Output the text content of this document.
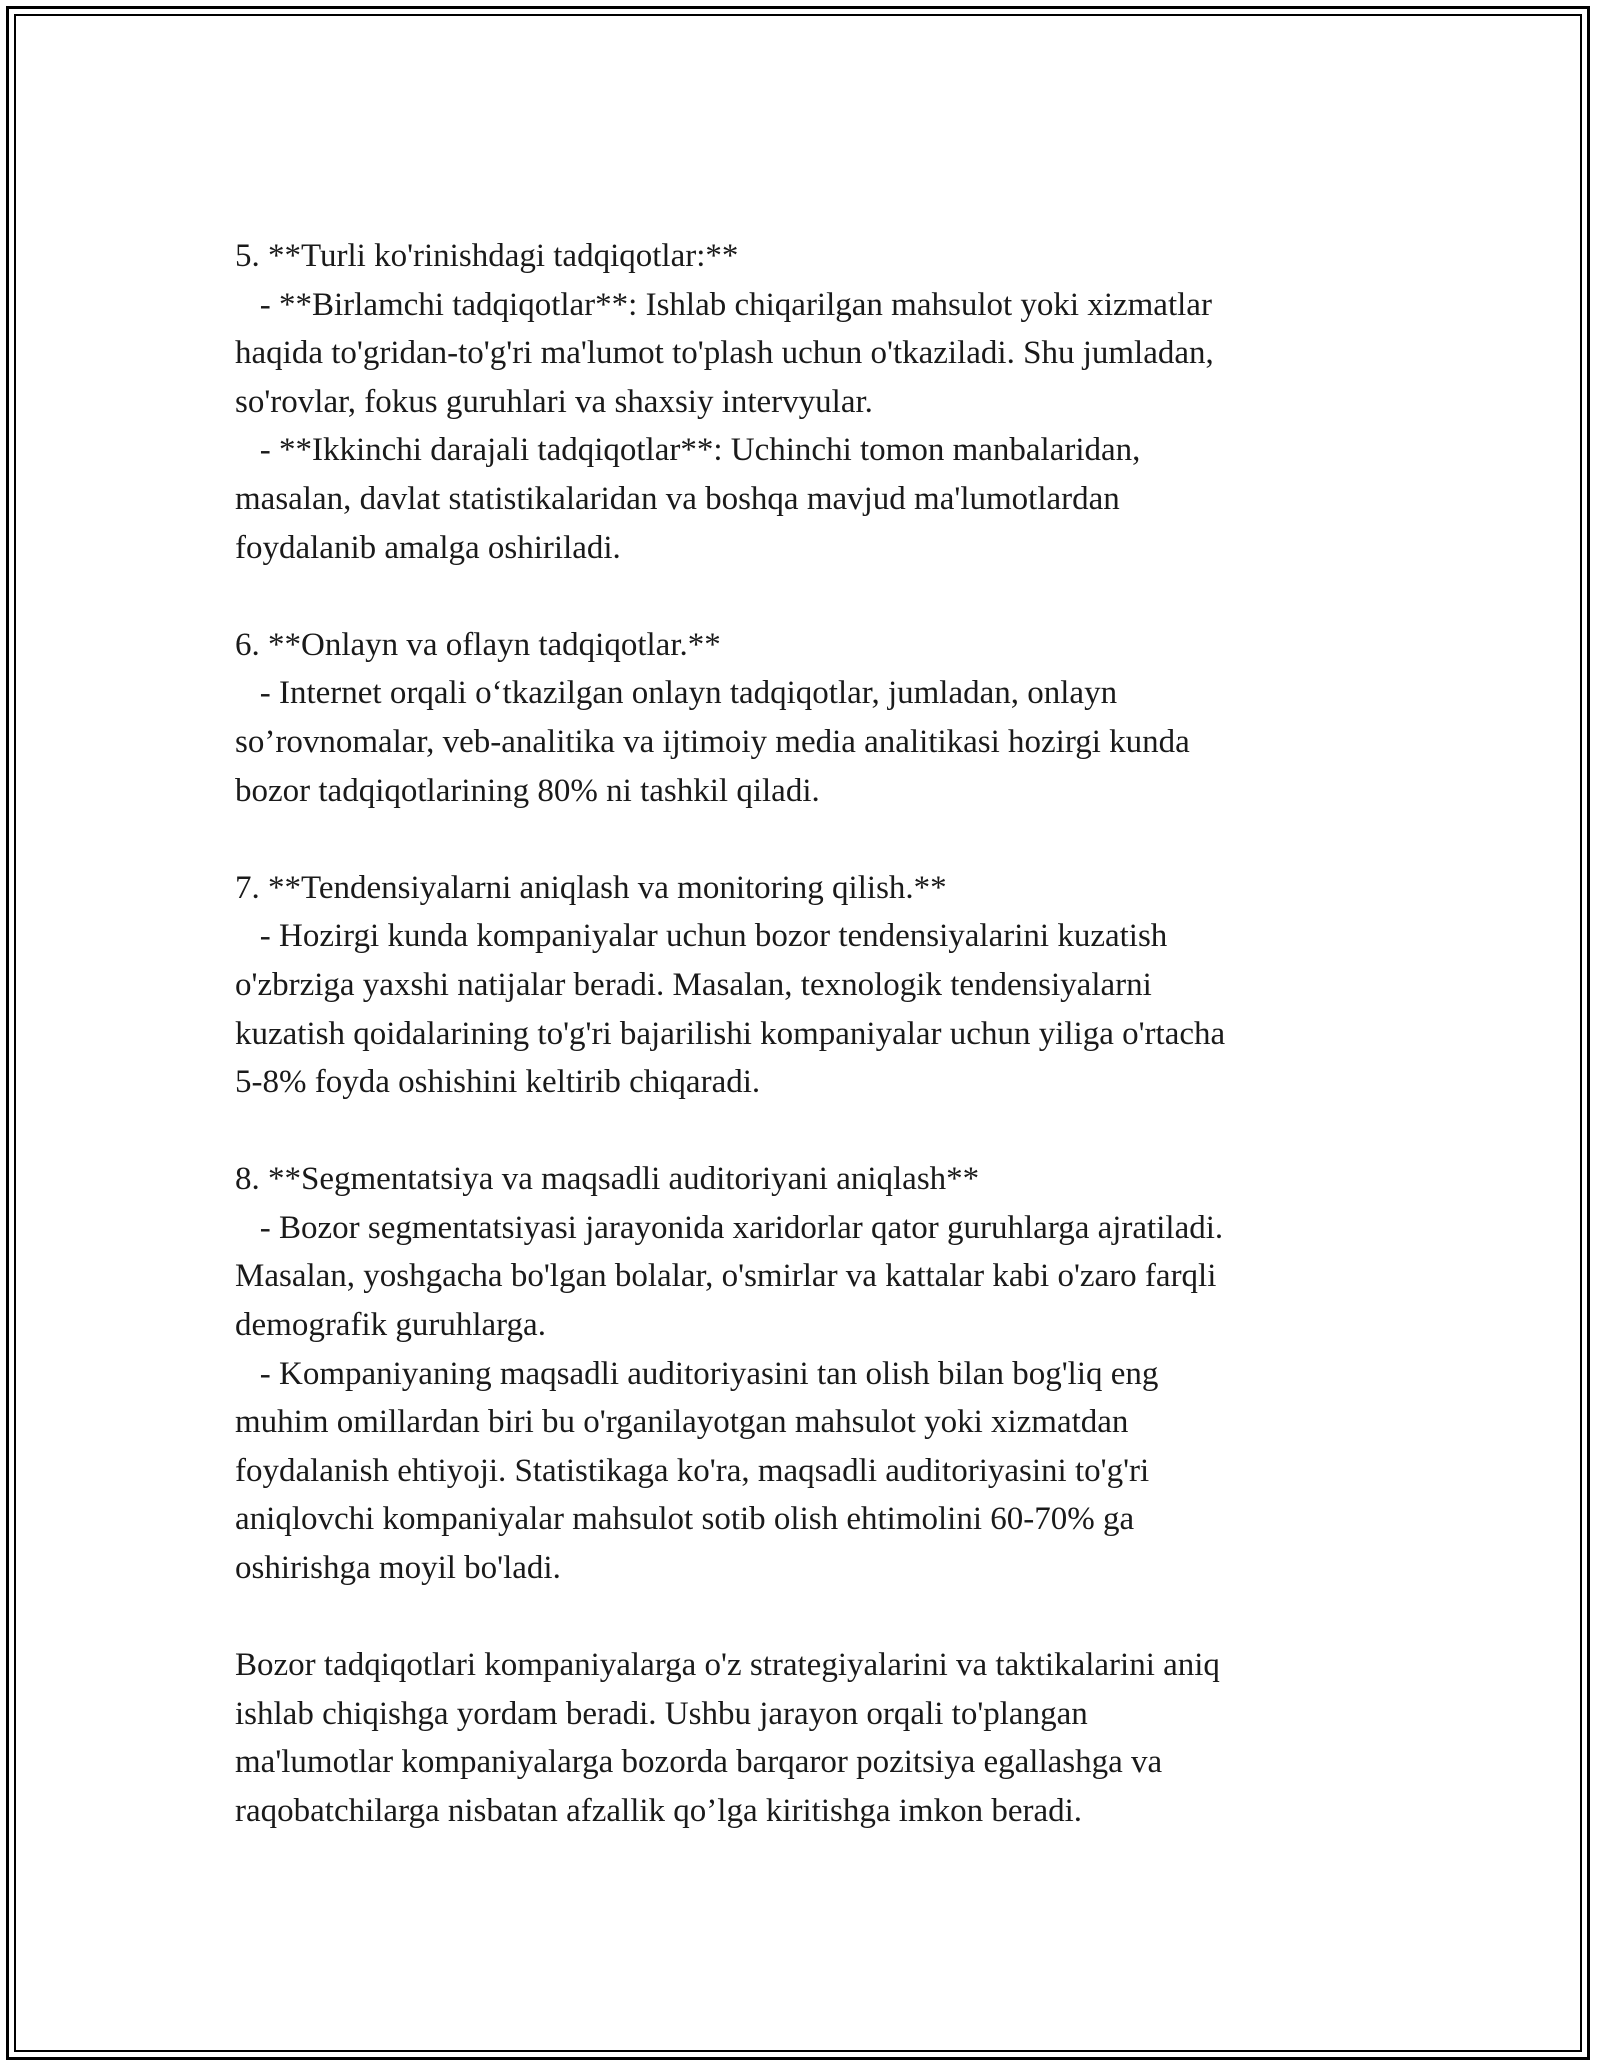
5. **Turli ko'rinishdagi tadqiqotlar:**
- **Birlamchi tadqiqotlar**: Ishlab chiqarilgan mahsulot yoki xizmatlar
haqida to'gridan-to'g'ri ma'lumot to'plash uchun o'tkaziladi. Shu jumladan,
so'rovlar, fokus guruhlari va shaxsiy intervyular.
- **Ikkinchi darajali tadqiqotlar**: Uchinchi tomon manbalaridan,
masalan, davlat statistikalaridan va boshqa mavjud ma'lumotlardan
foydalanib amalga oshiriladi.
6. **Onlayn va oflayn tadqiqotlar.**
- Internet orqali o‘tkazilgan onlayn tadqiqotlar, jumladan, onlayn
so’rovnomalar, veb-analitika va ijtimoiy media analitikasi hozirgi kunda
bozor tadqiqotlarining 80% ni tashkil qiladi.
7. **Tendensiyalarni aniqlash va monitoring qilish.**
- Hozirgi kunda kompaniyalar uchun bozor tendensiyalarini kuzatish
o'zbrziga yaxshi natijalar beradi. Masalan, texnologik tendensiyalarni
kuzatish qoidalarining to'g'ri bajarilishi kompaniyalar uchun yiliga o'rtacha
5-8% foyda oshishini keltirib chiqaradi.
8. **Segmentatsiya va maqsadli auditoriyani aniqlash**
- Bozor segmentatsiyasi jarayonida xaridorlar qator guruhlarga ajratiladi.
Masalan, yoshgacha bo'lgan bolalar, o'smirlar va kattalar kabi o'zaro farqli
demografik guruhlarga.
- Kompaniyaning maqsadli auditoriyasini tan olish bilan bog'liq eng
muhim omillardan biri bu o'rganilayotgan mahsulot yoki xizmatdan
foydalanish ehtiyoji. Statistikaga ko'ra, maqsadli auditoriyasini to'g'ri
aniqlovchi kompaniyalar mahsulot sotib olish ehtimolini 60-70% ga
oshirishga moyil bo'ladi.
Bozor tadqiqotlari kompaniyalarga o'z strategiyalarini va taktikalarini aniq
ishlab chiqishga yordam beradi. Ushbu jarayon orqali to'plangan
ma'lumotlar kompaniyalarga bozorda barqaror pozitsiya egallashga va
raqobatchilarga nisbatan afzallik qo’lga kiritishga imkon beradi.
